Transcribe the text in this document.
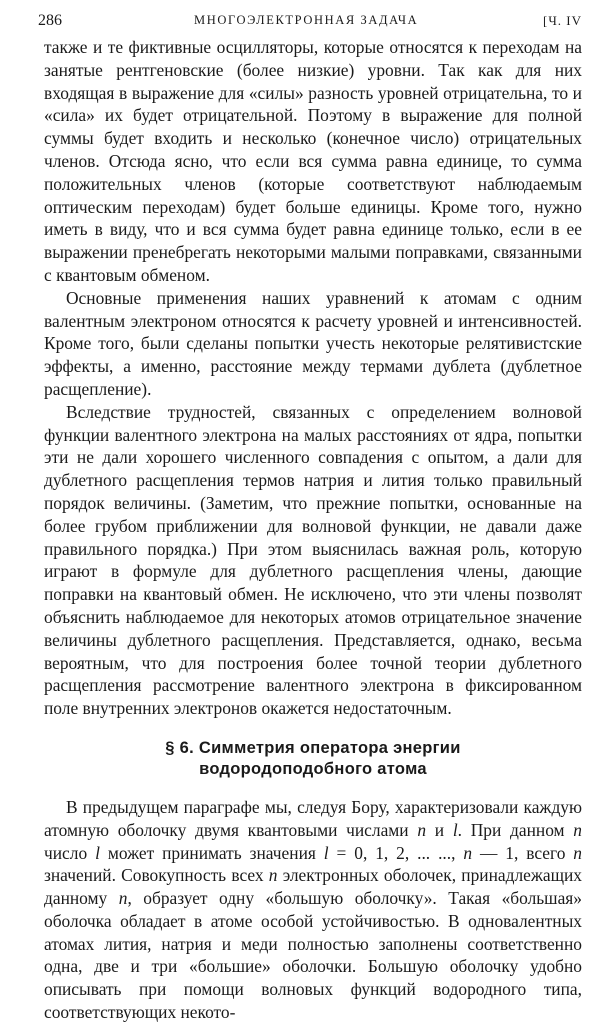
286	МНОГОЭЛЕКТРОННАЯ ЗАДАЧА	[Ч. IV

также и те фиктивные осцилляторы, которые относятся к переходам на занятые рентгеновские (более низкие) уровни. Так как для них входящая в выражение для «силы» разность уровней отрицательна, то и «сила» их будет отрицательной. Поэтому в выражение для полной суммы будет входить и несколько (конечное число) отрицательных членов. Отсюда ясно, что если вся сумма равна единице, то сумма положительных членов (которые соответствуют наблюдаемым оптическим переходам) будет больше единицы. Кроме того, нужно иметь в виду, что и вся сумма будет равна единице только, если в ее выражении пренебрегать некоторыми малыми поправками, связанными с квантовым обменом.

Основные применения наших уравнений к атомам с одним валентным электроном относятся к расчету уровней и интенсивностей. Кроме того, были сделаны попытки учесть некоторые релятивистские эффекты, а именно, расстояние между термами дублета (дублетное расщепление).

Вследствие трудностей, связанных с определением волновой функции валентного электрона на малых расстояниях от ядра, попытки эти не дали хорошего численного совпадения с опытом, а дали для дублетного расщепления термов натрия и лития только правильный порядок величины. (Заметим, что прежние попытки, основанные на более грубом приближении для волновой функции, не давали даже правильного порядка.) При этом выяснилась важная роль, которую играют в формуле для дублетного расщепления члены, дающие поправки на квантовый обмен. Не исключено, что эти члены позволят объяснить наблюдаемое для некоторых атомов отрицательное значение величины дублетного расщепления. Представляется, однако, весьма вероятным, что для построения более точной теории дублетного расщепления рассмотрение валентного электрона в фиксированном поле внутренних электронов окажется недостаточным.

§ 6. Симметрия оператора энергии
водородоподобного атома

В предыдущем параграфе мы, следуя Бору, характеризовали каждую атомную оболочку двумя квантовыми числами n и l. При данном n число l может принимать значения l = 0, 1, 2, ... ..., n — 1, всего n значений. Совокупность всех n электронных оболочек, принадлежащих данному n, образует одну «большую оболочку». Такая «большая» оболочка обладает в атоме особой устойчивостью. В одновалентных атомах лития, натрия и меди полностью заполнены соответственно одна, две и три «большие» оболочки. Большую оболочку удобно описывать при помощи волновых функций водородного типа, соответствующих некото-
